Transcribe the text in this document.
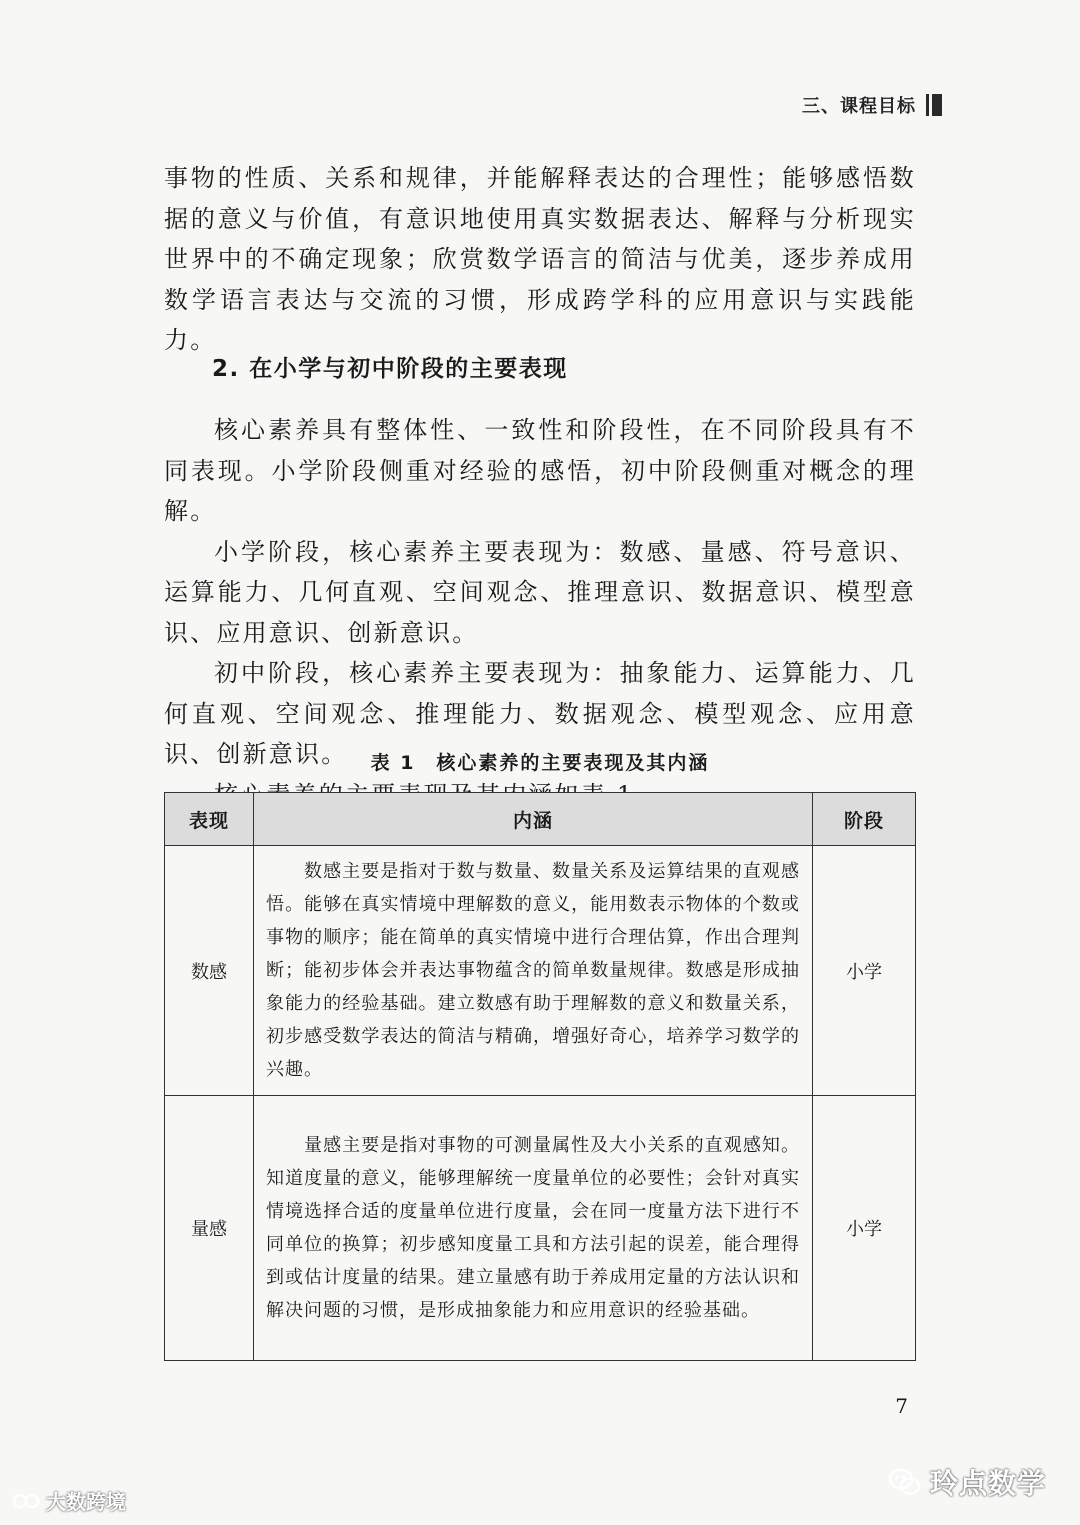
三、课程目标

事物的性质、关系和规律，并能解释表达的合理性；能够感悟数据的意义与价值，有意识地使用真实数据表达、解释与分析现实世界中的不确定现象；欣赏数学语言的简洁与优美，逐步养成用数学语言表达与交流的习惯，形成跨学科的应用意识与实践能力。

2. 在小学与初中阶段的主要表现

核心素养具有整体性、一致性和阶段性，在不同阶段具有不同表现。小学阶段侧重对经验的感悟，初中阶段侧重对概念的理解。

小学阶段，核心素养主要表现为：数感、量感、符号意识、运算能力、几何直观、空间观念、推理意识、数据意识、模型意识、应用意识、创新意识。

初中阶段，核心素养主要表现为：抽象能力、运算能力、几何直观、空间观念、推理能力、数据观念、模型观念、应用意识、创新意识。	表 1　核心素养的主要表现及其内涵
表现	内涵	阶段
数感	数感主要是指对于数与数量、数量关系及运算结果的直观感悟。能够在真实情境中理解数的意义，能用数表示物体的个数或事物的顺序；能在简单的真实情境中进行合理估算，作出合理判断；能初步体会并表达事物蕴含的简单数量规律。数感是形成抽象能力的经验基础。建立数感有助于理解数的意义和数量关系，初步感受数学表达的简洁与精确，增强好奇心，培养学习数学的兴趣。	小学
量感	量感主要是指对事物的可测量属性及大小关系的直观感知。知道度量的意义，能够理解统一度量单位的必要性；会针对真实情境选择合适的度量单位进行度量，会在同一度量方法下进行不同单位的换算；初步感知度量工具和方法引起的误差，能合理得到或估计度量的结果。建立量感有助于养成用定量的方法认识和解决问题的习惯，是形成抽象能力和应用意识的经验基础。	小学
7
大数跨境
玲点数学
